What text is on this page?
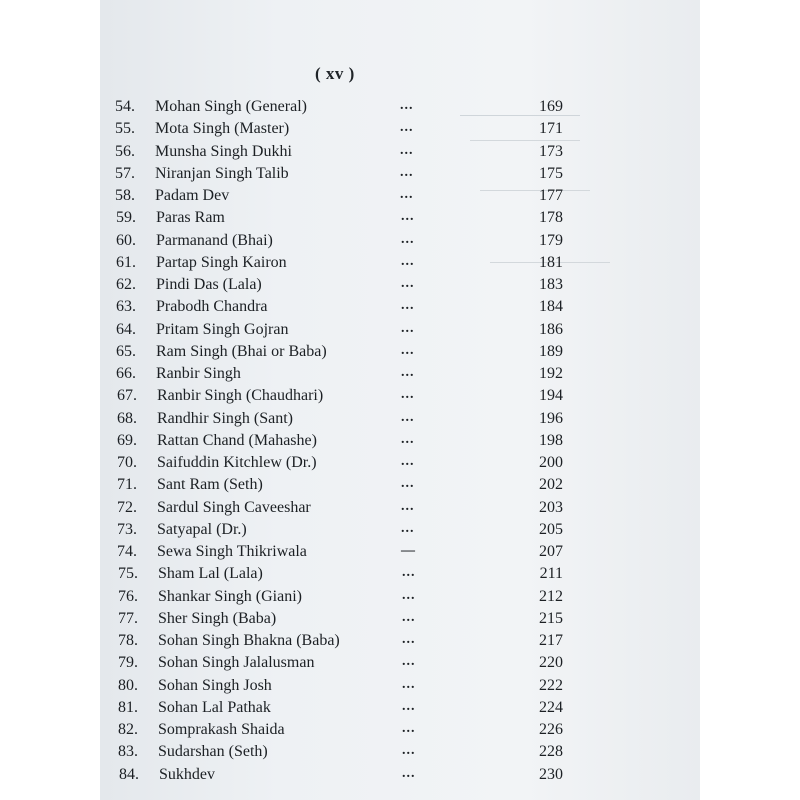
( xv )
54. Mohan Singh (General)	...	169
55. Mota Singh (Master)	...	171
56. Munsha Singh Dukhi	...	173
57. Niranjan Singh Talib	...	175
58. Padam Dev	...	177
59. Paras Ram	...	178
60. Parmanand (Bhai)	...	179
61. Partap Singh Kairon	...	181
62. Pindi Das (Lala)	...	183
63. Prabodh Chandra	...	184
64. Pritam Singh Gojran	...	186
65. Ram Singh (Bhai or Baba)	...	189
66. Ranbir Singh	...	192
67. Ranbir Singh (Chaudhari)	...	194
68. Randhir Singh (Sant)	...	196
69. Rattan Chand (Mahashe)	...	198
70. Saifuddin Kitchlew (Dr.)	...	200
71. Sant Ram (Seth)	...	202
72. Sardul Singh Caveeshar	...	203
73. Satyapal (Dr.)	...	205
74. Sewa Singh Thikriwala	—	207
75. Sham Lal (Lala)	...	211
76. Shankar Singh (Giani)	...	212
77. Sher Singh (Baba)	...	215
78. Sohan Singh Bhakna (Baba)	...	217
79. Sohan Singh Jalalusman	...	220
80. Sohan Singh Josh	...	222
81. Sohan Lal Pathak	...	224
82. Somprakash Shaida	...	226
83. Sudarshan (Seth)	...	228
84. Sukhdev	...	230
